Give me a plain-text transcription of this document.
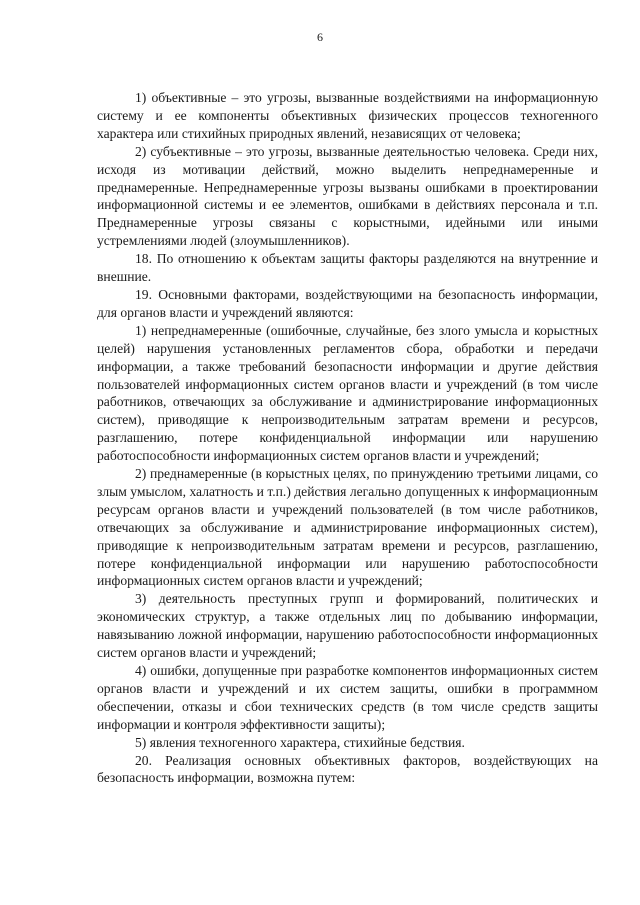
6

1) объективные – это угрозы, вызванные воздействиями на информационную систему и ее компоненты объективных физических процессов техногенного характера или стихийных природных явлений, независящих от человека;

2) субъективные – это угрозы, вызванные деятельностью человека. Среди них, исходя из мотивации действий, можно выделить непреднамеренные и преднамеренные. Непреднамеренные угрозы вызваны ошибками в проектировании информационной системы и ее элементов, ошибками в действиях персонала и т.п. Преднамеренные угрозы связаны с корыстными, идейными или иными устремлениями людей (злоумышленников).

18. По отношению к объектам защиты факторы разделяются на внутренние и внешние.

19. Основными факторами, воздействующими на безопасность информации, для органов власти и учреждений являются:

1) непреднамеренные (ошибочные, случайные, без злого умысла и корыстных целей) нарушения установленных регламентов сбора, обработки и передачи информации, а также требований безопасности информации и другие действия пользователей информационных систем органов власти и учреждений (в том числе работников, отвечающих за обслуживание и администрирование информационных систем), приводящие к непроизводительным затратам времени и ресурсов, разглашению, потере конфиденциальной информации или нарушению работоспособности информационных систем органов власти и учреждений;

2) преднамеренные (в корыстных целях, по принуждению третьими лицами, со злым умыслом, халатность и т.п.) действия легально допущенных к информационным ресурсам органов власти и учреждений пользователей (в том числе работников, отвечающих за обслуживание и администрирование информационных систем), приводящие к непроизводительным затратам времени и ресурсов, разглашению, потере конфиденциальной информации или нарушению работоспособности информационных систем органов власти и учреждений;

3) деятельность преступных групп и формирований, политических и экономических структур, а также отдельных лиц по добыванию информации, навязыванию ложной информации, нарушению работоспособности информационных систем органов власти и учреждений;

4) ошибки, допущенные при разработке компонентов информационных систем органов власти и учреждений и их систем защиты, ошибки в программном обеспечении, отказы и сбои технических средств (в том числе средств защиты информации и контроля эффективности защиты);

5) явления техногенного характера, стихийные бедствия.

20. Реализация основных объективных факторов, воздействующих на безопасность информации, возможна путем:
